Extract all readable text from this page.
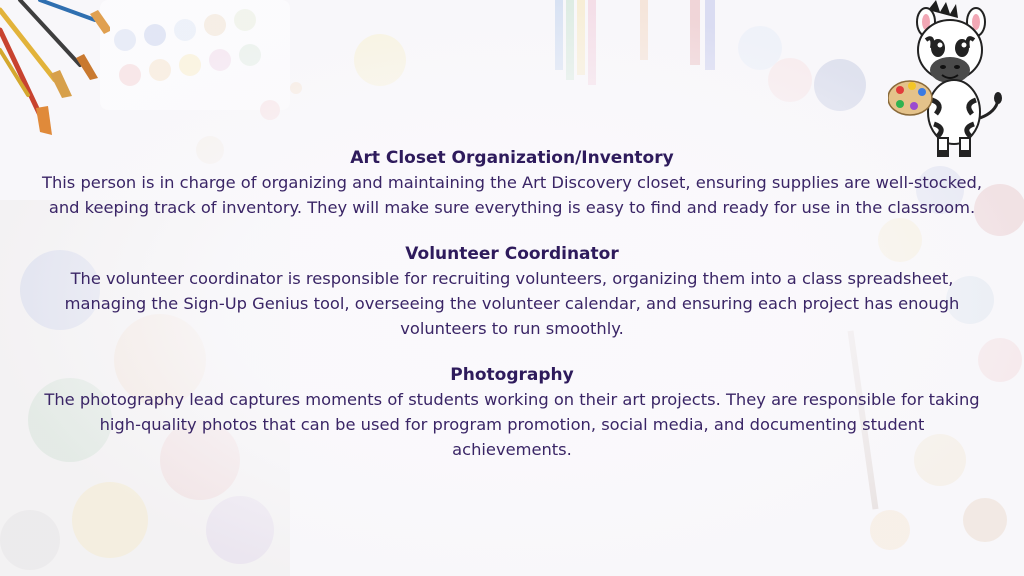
Art Closet Organization/Inventory

This person is in charge of organizing and maintaining the Art Discovery closet, ensuring supplies are well-stocked, and keeping track of inventory. They will make sure everything is easy to find and ready for use in the classroom.

Volunteer Coordinator

The volunteer coordinator is responsible for recruiting volunteers, organizing them into a class spreadsheet, managing the Sign-Up Genius tool, overseeing the volunteer calendar, and ensuring each project has enough volunteers to run smoothly.

Photography

The photography lead captures moments of students working on their art projects. They are responsible for taking high-quality photos that can be used for program promotion, social media, and documenting student achievements.
